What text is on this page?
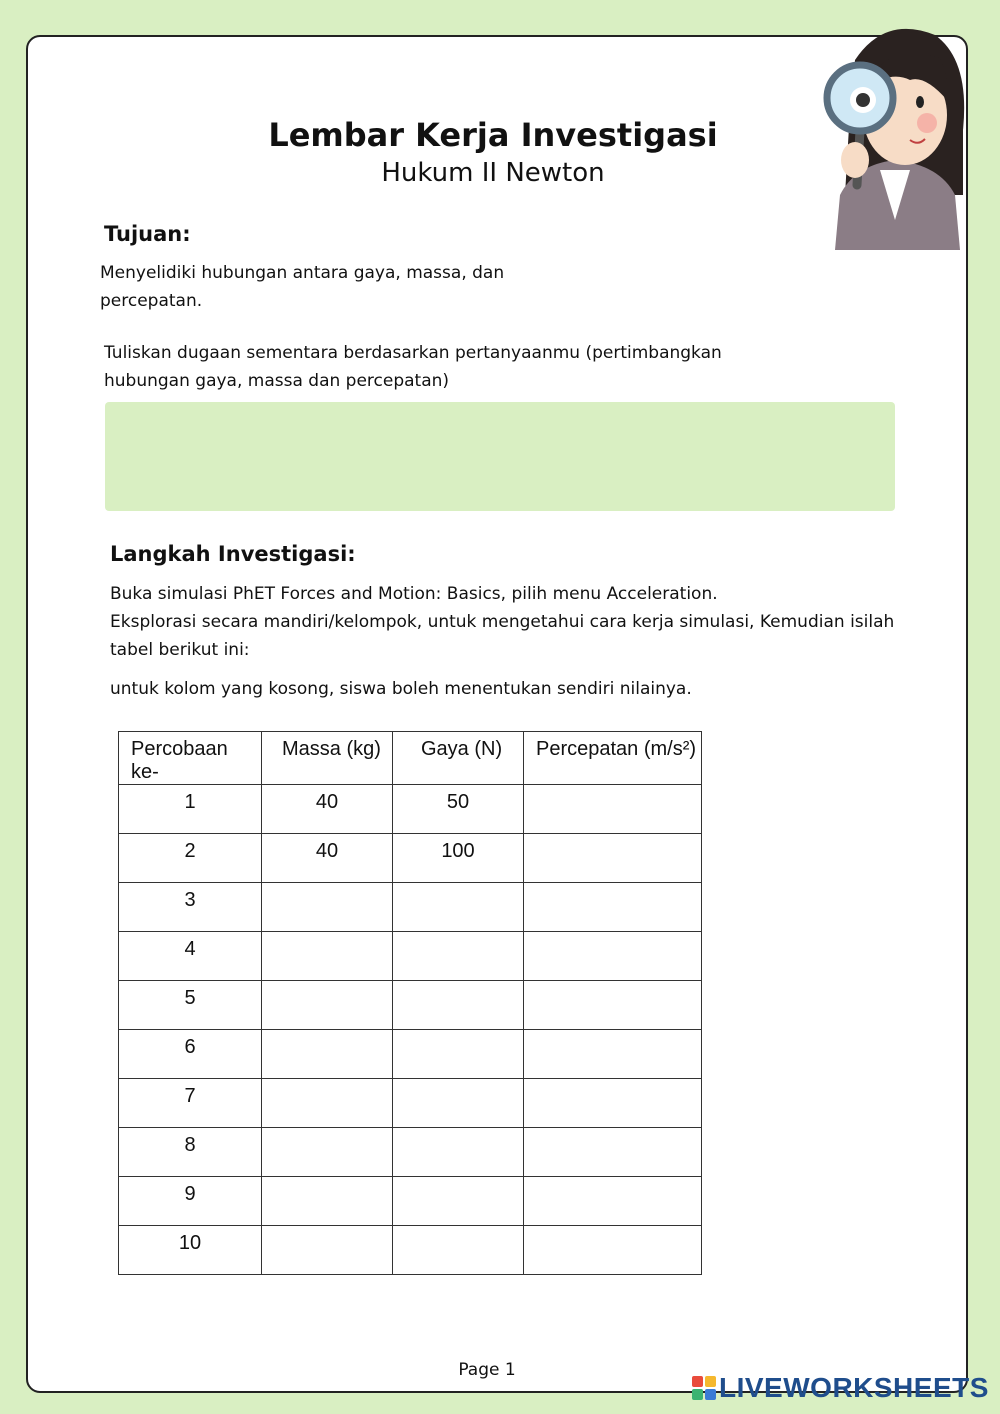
Lembar Kerja Investigasi
Hukum II Newton
Tujuan:
Menyelidiki hubungan antara gaya, massa, dan
percepatan.
Tuliskan dugaan sementara berdasarkan pertanyaanmu (pertimbangkan
hubungan gaya, massa dan percepatan)
Langkah Investigasi:
Buka simulasi PhET Forces and Motion: Basics, pilih menu Acceleration.
Eksplorasi secara mandiri/kelompok, untuk mengetahui cara kerja simulasi, Kemudian isilah
tabel berikut ini:
untuk kolom yang kosong, siswa boleh menentukan sendiri nilainya.
Percobaan ke-	Massa (kg)	Gaya (N)	Percepatan (m/s²)
1	40	50	
2	40	100	
3			
4			
5			
6			
7			
8			
9			
10			
Page 1
LIVEWORKSHEETS
